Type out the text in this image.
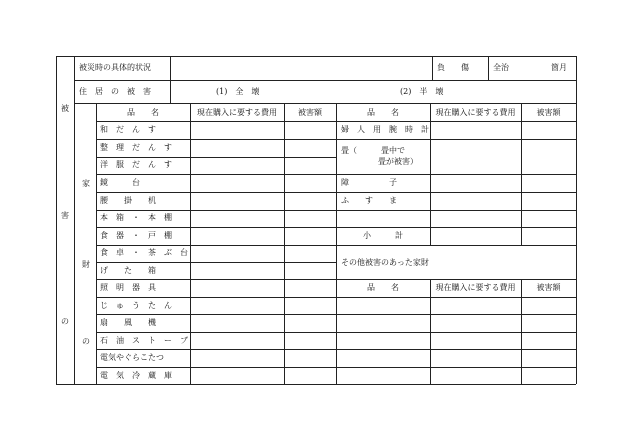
被災時の具体的状況	負　　傷	全治	箇月
住　居　の　被　害	(1)　全　壊	(2)　半　壊
被
害
の
家
財
の
品　　名	現在購入に要する費用	被害額
和　だ　ん　す
整　理　だ　ん　す
洋　服　だ　ん　す
鏡　　　台
腰　　掛　　机
本　箱　・　本　棚
食　器　・　戸　棚
食　卓　・　茶　ぶ　台
げ　　た　　箱
照　明　器　具
じ　ゅ　う　た　ん
扇　　風　　機
石　油　ス　ト　ー　ブ
電気やぐらこたつ
電　気　冷　蔵　庫
品　　名	現在購入に要する費用	被害額
婦　人　用　腕　時　計
畳（　　　畳中で
畳が被害）
障　　　　　子
ふ　　す　　ま
小　　　計
その他被害のあった家財
品　　名	現在購入に要する費用	被害額
